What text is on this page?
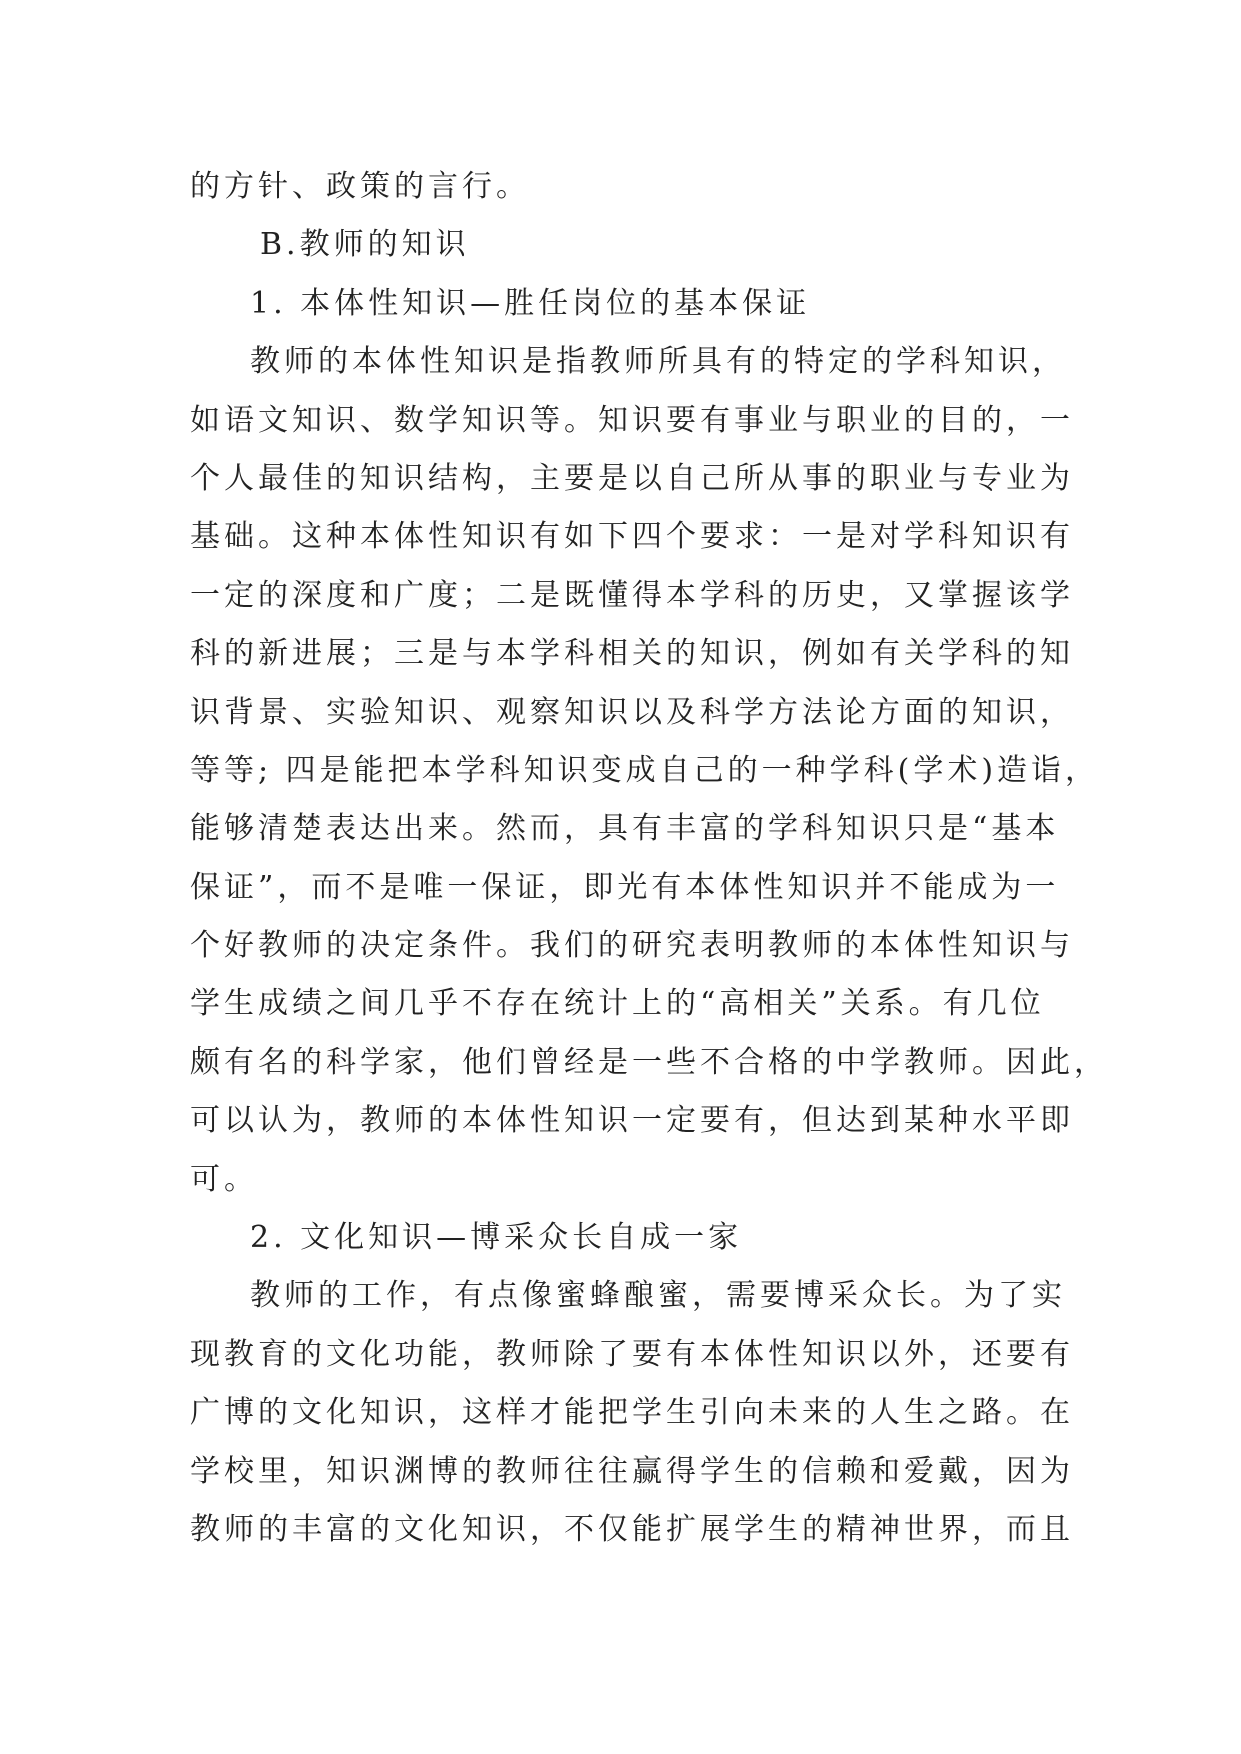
的方针、政策的言行。
B.教师的知识
1. 本体性知识—胜任岗位的基本保证
教师的本体性知识是指教师所具有的特定的学科知识，
如语文知识、数学知识等。知识要有事业与职业的目的，一
个人最佳的知识结构，主要是以自己所从事的职业与专业为
基础。这种本体性知识有如下四个要求：一是对学科知识有
一定的深度和广度；二是既懂得本学科的历史，又掌握该学
科的新进展；三是与本学科相关的知识，例如有关学科的知
识背景、实验知识、观察知识以及科学方法论方面的知识，
等等; 四是能把本学科知识变成自己的一种学科(学术)造诣，
能够清楚表达出来。然而，具有丰富的学科知识只是“基本
保证”，而不是唯一保证，即光有本体性知识并不能成为一
个好教师的决定条件。我们的研究表明教师的本体性知识与
学生成绩之间几乎不存在统计上的“高相关”关系。有几位
颇有名的科学家，他们曾经是一些不合格的中学教师。因此，
可以认为，教师的本体性知识一定要有，但达到某种水平即
可。
2. 文化知识—博采众长自成一家
教师的工作，有点像蜜蜂酿蜜，需要博采众长。为了实
现教育的文化功能，教师除了要有本体性知识以外，还要有
广博的文化知识，这样才能把学生引向未来的人生之路。在
学校里，知识渊博的教师往往赢得学生的信赖和爱戴，因为
教师的丰富的文化知识，不仅能扩展学生的精神世界，而且
